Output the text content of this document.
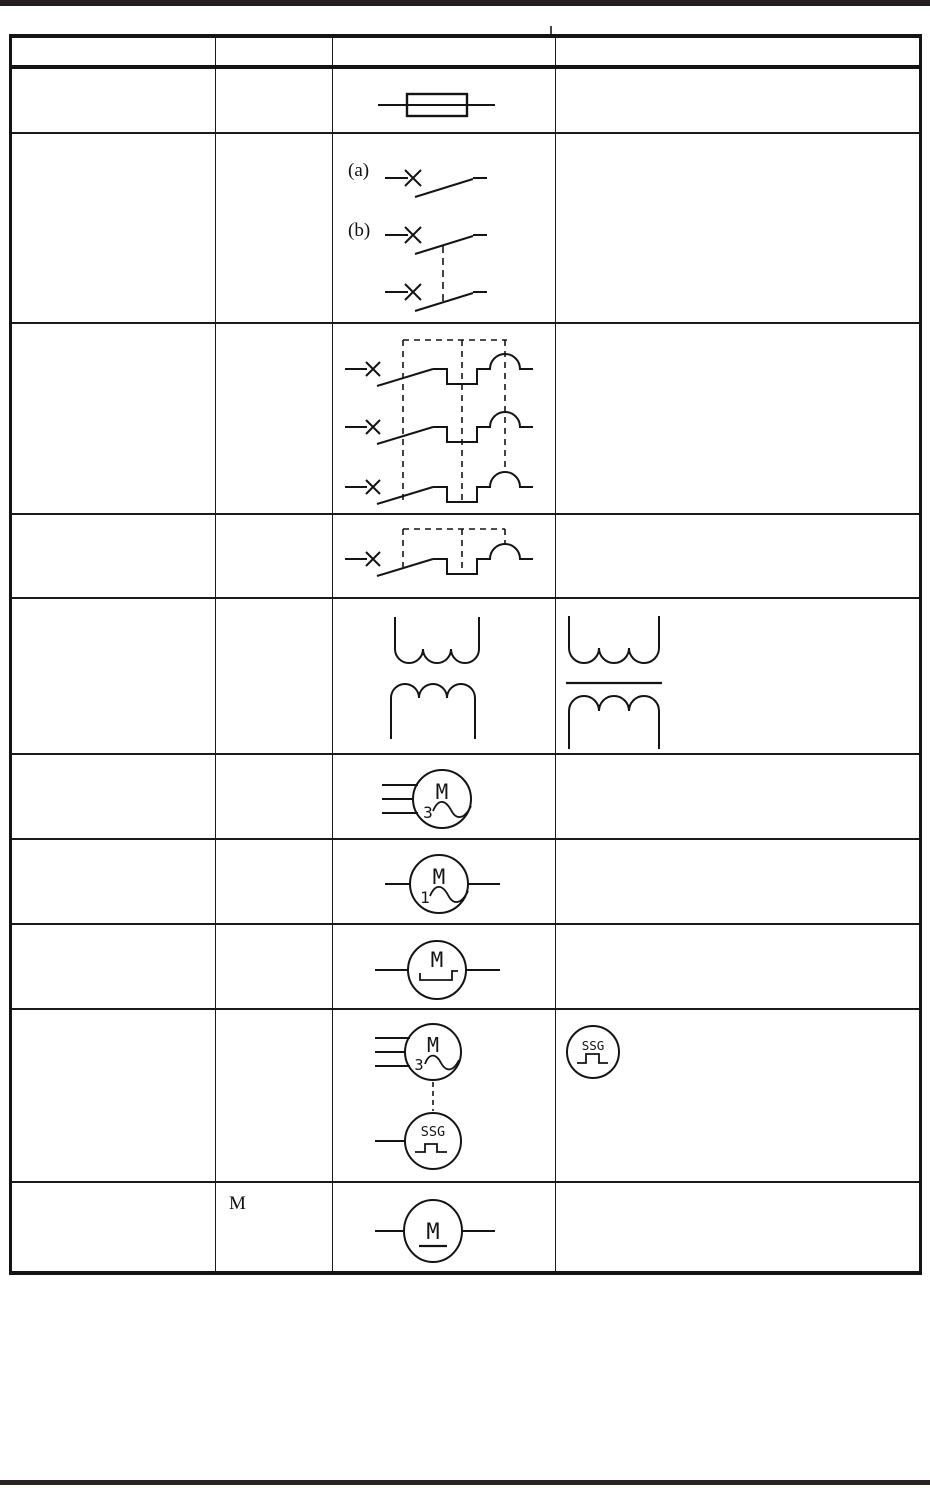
(a)
(b)	

M
3	

M
1	

M	

M
3
SSG	SSG

	M	M	
